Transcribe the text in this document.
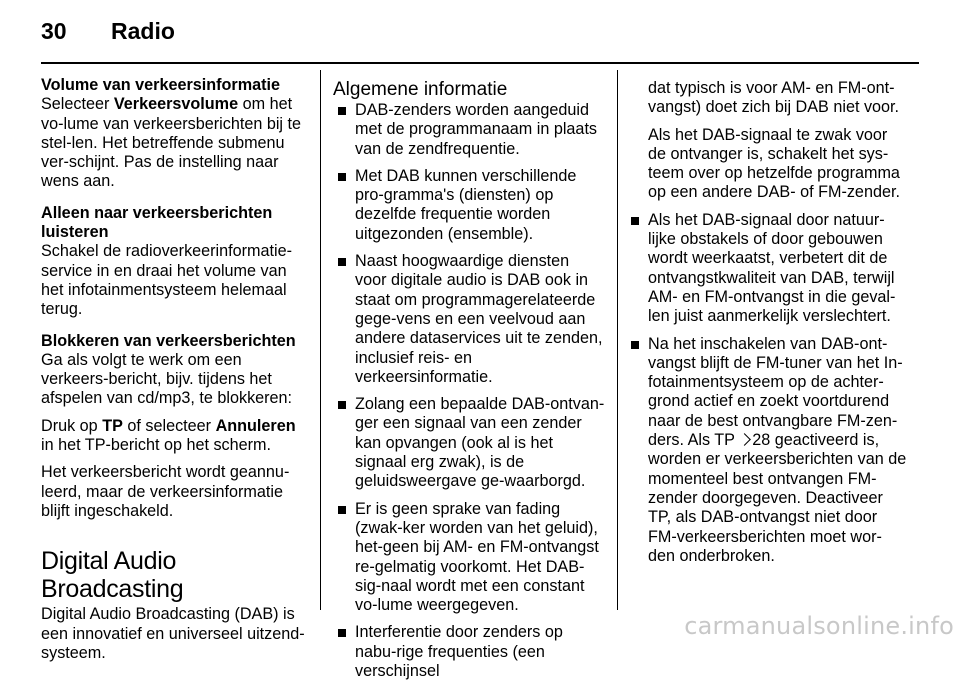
30	Radio
Volume van verkeersinformatie

Selecteer Verkeersvolume om het vo-lume van verkeersberichten bij te stel-len. Het betreffende submenu ver-schijnt. Pas de instelling naar wens aan.

Alleen naar verkeersberichten luisteren

Schakel de radioverkeerinformatie-service in en draai het volume van het infotainmentsysteem helemaal terug.

Blokkeren van verkeersberichten

Ga als volgt te werk om een verkeers-bericht, bijv. tijdens het afspelen van cd/mp3, te blokkeren:

Druk op TP of selecteer Annuleren in het TP-bericht op het scherm.

Het verkeersbericht wordt geannu-leerd, maar de verkeersinformatie blijft ingeschakeld.

Digital Audio Broadcasting

Digital Audio Broadcasting (DAB) is een innovatief en universeel uitzend-systeem.

Algemene informatie
DAB-zenders worden aangeduid met de programmanaam in plaats van de zendfrequentie.
Met DAB kunnen verschillende pro-gramma's (diensten) op dezelfde frequentie worden uitgezonden (ensemble).
Naast hoogwaardige diensten voor digitale audio is DAB ook in staat om programmagerelateerde gege-vens en een veelvoud aan andere dataservices uit te zenden, inclusief reis- en verkeersinformatie.
Zolang een bepaalde DAB-ontvan-ger een signaal van een zender kan opvangen (ook al is het signaal erg zwak), is de geluidsweergave ge-waarborgd.
Er is geen sprake van fading (zwak-ker worden van het geluid), het-geen bij AM- en FM-ontvangst re-gelmatig voorkomt. Het DAB-sig-naal wordt met een constant vo-lume weergegeven.
Interferentie door zenders op nabu-rige frequenties (een verschijnsel

dat typisch is voor AM- en FM-ont-vangst) doet zich bij DAB niet voor.

Als het DAB-signaal te zwak voor de ontvanger is, schakelt het sys-teem over op hetzelfde programma op een andere DAB- of FM-zender.

Als het DAB-signaal door natuur-lijke obstakels of door gebouwen wordt weerkaatst, verbetert dit de ontvangstkwaliteit van DAB, terwijl AM- en FM-ontvangst in die geval-len juist aanmerkelijk verslechtert.
Na het inschakelen van DAB-ont-vangst blijft de FM-tuner van het In-fotainmentsysteem op de achter-grond actief en zoekt voortdurend naar de best ontvangbare FM-zen-ders. Als TP 28 geactiveerd is, worden er verkeersberichten van de momenteel best ontvangen FM-zender doorgegeven. Deactiveer TP, als DAB-ontvangst niet door FM-verkeersberichten moet wor-den onderbroken.
carmanualsonline.info
